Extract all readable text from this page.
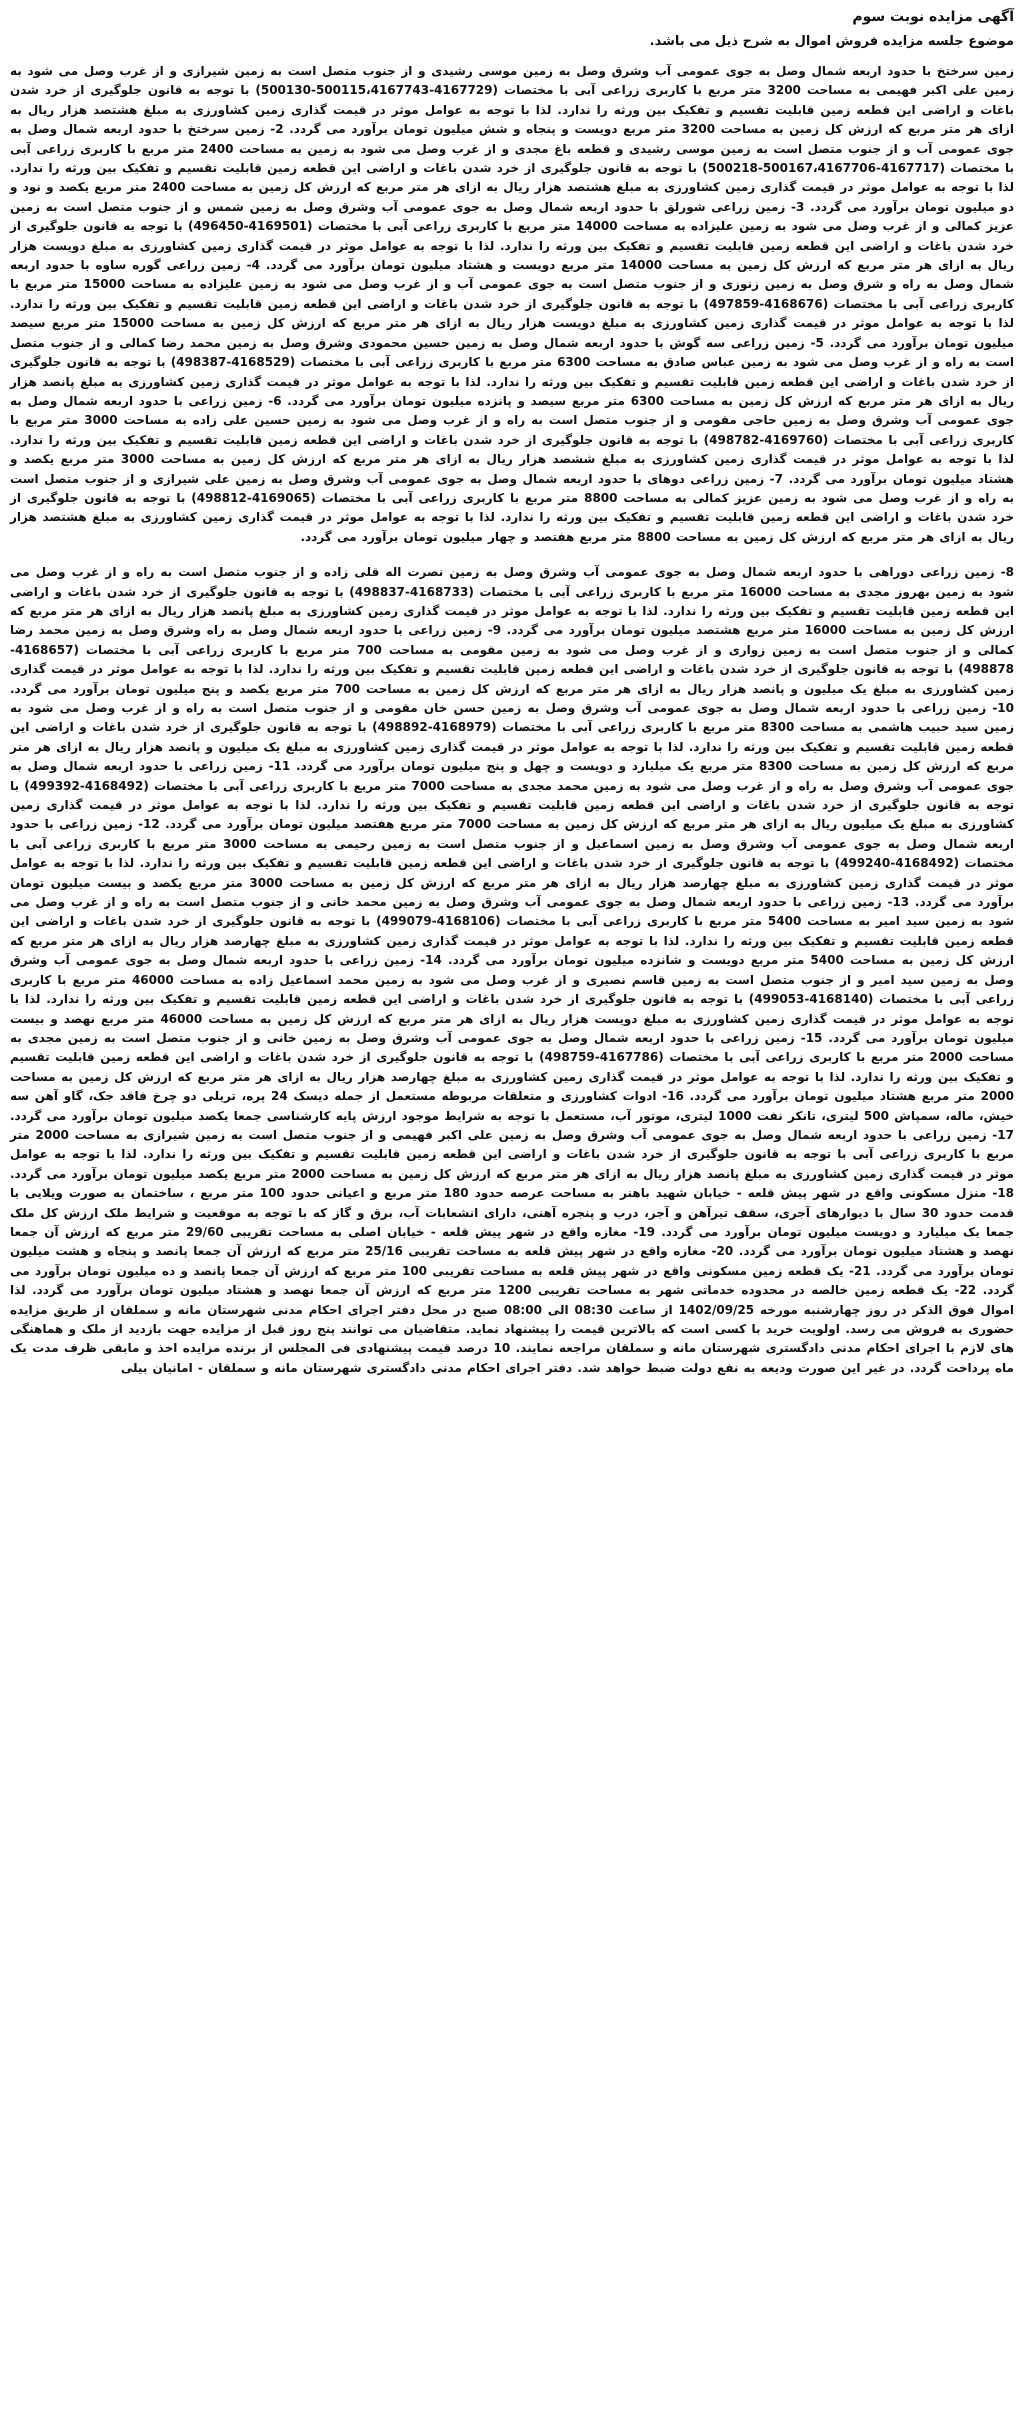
آگهی مزایده نوبت سوم

موضوع جلسه مزایده فروش اموال به شرح ذیل می باشد.

زمین سرختخ با حدود اربعه شمال وصل به جوی عمومی آب وشرق وصل به زمین موسی رشیدی و از جنوب متصل است به زمین شیرازی و از غرب وصل می شود به زمین علی اکبر فهیمی به مساحت 3200 متر مربع با کاربری زراعی آبی با مختصات (4167729-500115،4167743-500130) با توجه به قانون جلوگیری از خرد شدن باغات و اراضی این قطعه زمین قابلیت تقسیم و تفکیک بین ورثه را ندارد. لذا با توجه به عوامل موثر در قیمت گذاری زمین کشاورزی به مبلغ هشتصد هزار ریال به ازای هر متر مربع که ارزش کل زمین به مساحت 3200 متر مربع دویست و پنجاه و شش میلیون تومان برآورد می گردد. 2- زمین سرختخ با حدود اربعه شمال وصل به جوی عمومی آب و از جنوب متصل است به زمین موسی رشیدی و قطعه باغ مجدی و از غرب وصل می شود به زمین به مساحت 2400 متر مربع با کاربری زراعی آبی با مختصات (4167717-500167،4167706-500218) با توجه به قانون جلوگیری از خرد شدن باغات و اراضی این قطعه زمین قابلیت تقسیم و تفکیک بین ورثه را ندارد. لذا با توجه به عوامل موثر در قیمت گذاری زمین کشاورزی به مبلغ هشتصد هزار ریال به ازای هر متر مربع که ارزش کل زمین به مساحت 2400 متر مربع یکصد و نود و دو میلیون تومان برآورد می گردد. 3- زمین زراعی شورلق با حدود اربعه شمال وصل به جوی عمومی آب وشرق وصل به زمین شمس و از جنوب متصل است به زمین عزیز کمالی و از غرب وصل می شود به زمین علیزاده به مساحت 14000 متر مربع با کاربری زراعی آبی با مختصات (4169501-496450) با توجه به قانون جلوگیری از خرد شدن باغات و اراضی این قطعه زمین قابلیت تقسیم و تفکیک بین ورثه را ندارد. لذا با توجه به عوامل موثر در قیمت گذاری زمین کشاورزی به مبلغ دویست هزار ریال به ازای هر متر مربع که ارزش کل زمین به مساحت 14000 متر مربع دویست و هشتاد میلیون تومان برآورد می گردد. 4- زمین زراعی گوره ساوه با حدود اربعه شمال وصل به راه و شرق وصل به زمین زنوزی و از جنوب متصل است به جوی عمومی آب و از غرب وصل می شود به زمین علیزاده به مساحت 15000 متر مربع با کاربری زراعی آبی با مختصات (4168676-497859) با توجه به قانون جلوگیری از خرد شدن باغات و اراضی این قطعه زمین قابلیت تقسیم و تفکیک بین ورثه را ندارد. لذا با توجه به عوامل موثر در قیمت گذاری زمین کشاورزی به مبلغ دویست هزار ریال به ازای هر متر مربع که ارزش کل زمین به مساحت 15000 متر مربع سیصد میلیون تومان برآورد می گردد. 5- زمین زراعی سه گوش با حدود اربعه شمال وصل به زمین حسین محمودی وشرق وصل به زمین محمد رضا کمالی و از جنوب متصل است به راه و از غرب وصل می شود به زمین عباس صادق به مساحت 6300 متر مربع با کاربری زراعی آبی با مختصات (4168529-498387) با توجه به قانون جلوگیری از خرد شدن باغات و اراضی این قطعه زمین قابلیت تقسیم و تفکیک بین ورثه را ندارد. لذا با توجه به عوامل موثر در قیمت گذاری زمین کشاورزی به مبلغ پانصد هزار ریال به ازای هر متر مربع که ارزش کل زمین به مساحت 6300 متر مربع سیصد و پانزده میلیون تومان برآورد می گردد. 6- زمین زراعی با حدود اربعه شمال وصل به جوی عمومی آب وشرق وصل به زمین حاجی مقومی و از جنوب متصل است به راه و از غرب وصل می شود به زمین حسین علی زاده به مساحت 3000 متر مربع با کاربری زراعی آبی با مختصات (4169760-498782) با توجه به قانون جلوگیری از خرد شدن باغات و اراضی این قطعه زمین قابلیت تقسیم و تفکیک بین ورثه را ندارد. لذا با توجه به عوامل موثر در قیمت گذاری زمین کشاورزی به مبلغ ششصد هزار ریال به ازای هر متر مربع که ارزش کل زمین به مساحت 3000 متر مربع یکصد و هشتاد میلیون تومان برآورد می گردد. 7- زمین زراعی دوهای با حدود اربعه شمال وصل به جوی عمومی آب وشرق وصل به زمین علی شیرازی و از جنوب متصل است به راه و از غرب وصل می شود به زمین عزیز کمالی به مساحت 8800 متر مربع با کاربری زراعی آبی با مختصات (4169065-498812) با توجه به قانون جلوگیری از خرد شدن باغات و اراضی این قطعه زمین قابلیت تقسیم و تفکیک بین ورثه را ندارد. لذا با توجه به عوامل موثر در قیمت گذاری زمین کشاورزی به مبلغ هشتصد هزار ریال به ازای هر متر مربع که ارزش کل زمین به مساحت 8800 متر مربع هفتصد و چهار میلیون تومان برآورد می گردد.

8- زمین زراعی دوراهی با حدود اربعه شمال وصل به جوی عمومی آب وشرق وصل به زمین نصرت اله قلی زاده و از جنوب متصل است به راه و از غرب وصل می شود به زمین بهروز مجدی به مساحت 16000 متر مربع با کاربری زراعی آبی با مختصات (4168733-498837) با توجه به قانون جلوگیری از خرد شدن باغات و اراضی این قطعه زمین قابلیت تقسیم و تفکیک بین ورثه را ندارد. لذا با توجه به عوامل موثر در قیمت گذاری زمین کشاورزی به مبلغ پانصد هزار ریال به ازای هر متر مربع که ارزش کل زمین به مساحت 16000 متر مربع هشتصد میلیون تومان برآورد می گردد. 9- زمین زراعی با حدود اربعه شمال وصل به راه وشرق وصل به زمین محمد رضا کمالی و از جنوب متصل است به زمین زواری و از غرب وصل می شود به زمین مقومی به مساحت 700 متر مربع با کاربری زراعی آبی با مختصات (4168657-498878) با توجه به قانون جلوگیری از خرد شدن باغات و اراضی این قطعه زمین قابلیت تقسیم و تفکیک بین ورثه را ندارد. لذا با توجه به عوامل موثر در قیمت گذاری زمین کشاورزی به مبلغ یک میلیون و پانصد هزار ریال به ازای هر متر مربع که ارزش کل زمین به مساحت 700 متر مربع یکصد و پنج میلیون تومان برآورد می گردد. 10- زمین زراعی با حدود اربعه شمال وصل به جوی عمومی آب وشرق وصل به زمین حسن خان مقومی و از جنوب متصل است به راه و از غرب وصل می شود به زمین سید حبیب هاشمی به مساحت 8300 متر مربع با کاربری زراعی آبی با مختصات (4168979-498892) با توجه به قانون جلوگیری از خرد شدن باغات و اراضی این قطعه زمین قابلیت تقسیم و تفکیک بین ورثه را ندارد. لذا با توجه به عوامل موثر در قیمت گذاری زمین کشاورزی به مبلغ یک میلیون و پانصد هزار ریال به ازای هر متر مربع که ارزش کل زمین به مساحت 8300 متر مربع یک میلیارد و دویست و چهل و پنج میلیون تومان برآورد می گردد. 11- زمین زراعی با حدود اربعه شمال وصل به جوی عمومی آب وشرق وصل به راه و از غرب وصل می شود به زمین محمد مجدی به مساحت 7000 متر مربع با کاربری زراعی آبی با مختصات (4168492-499392) با توجه به قانون جلوگیری از خرد شدن باغات و اراضی این قطعه زمین قابلیت تقسیم و تفکیک بین ورثه را ندارد. لذا با توجه به عوامل موثر در قیمت گذاری زمین کشاورزی به مبلغ یک میلیون ریال به ازای هر متر مربع که ارزش کل زمین به مساحت 7000 متر مربع هفتصد میلیون تومان برآورد می گردد. 12- زمین زراعی با حدود اربعه شمال وصل به جوی عمومی آب وشرق وصل به زمین اسماعیل و از جنوب متصل است به زمین رحیمی به مساحت 3000 متر مربع با کاربری زراعی آبی با مختصات (4168492-499240) با توجه به قانون جلوگیری از خرد شدن باغات و اراضی این قطعه زمین قابلیت تقسیم و تفکیک بین ورثه را ندارد. لذا با توجه به عوامل موثر در قیمت گذاری زمین کشاورزی به مبلغ چهارصد هزار ریال به ازای هر متر مربع که ارزش کل زمین به مساحت 3000 متر مربع یکصد و بیست میلیون تومان برآورد می گردد. 13- زمین زراعی با حدود اربعه شمال وصل به جوی عمومی آب وشرق وصل به زمین محمد خانی و از جنوب متصل است به راه و از غرب وصل می شود به زمین سید امیر به مساحت 5400 متر مربع با کاربری زراعی آبی با مختصات (4168106-499079) با توجه به قانون جلوگیری از خرد شدن باغات و اراضی این قطعه زمین قابلیت تقسیم و تفکیک بین ورثه را ندارد. لذا با توجه به عوامل موثر در قیمت گذاری زمین کشاورزی به مبلغ چهارصد هزار ریال به ازای هر متر مربع که ارزش کل زمین به مساحت 5400 متر مربع دویست و شانزده میلیون تومان برآورد می گردد. 14- زمین زراعی با حدود اربعه شمال وصل به جوی عمومی آب وشرق وصل به زمین سید امیر و از جنوب متصل است به زمین قاسم نصیری و از غرب وصل می شود به زمین محمد اسماعیل زاده به مساحت 46000 متر مربع با کاربری زراعی آبی با مختصات (4168140-499053) با توجه به قانون جلوگیری از خرد شدن باغات و اراضی این قطعه زمین قابلیت تقسیم و تفکیک بین ورثه را ندارد. لذا با توجه به عوامل موثر در قیمت گذاری زمین کشاورزی به مبلغ دویست هزار ریال به ازای هر متر مربع که ارزش کل زمین به مساحت 46000 متر مربع نهصد و بیست میلیون تومان برآورد می گردد. 15- زمین زراعی با حدود اربعه شمال وصل به جوی عمومی آب وشرق وصل به زمین خانی و از جنوب متصل است به زمین مجدی به مساحت 2000 متر مربع با کاربری زراعی آبی با مختصات (4167786-498759) با توجه به قانون جلوگیری از خرد شدن باغات و اراضی این قطعه زمین قابلیت تقسیم و تفکیک بین ورثه را ندارد. لذا با توجه به عوامل موثر در قیمت گذاری زمین کشاورزی به مبلغ چهارصد هزار ریال به ازای هر متر مربع که ارزش کل زمین به مساحت 2000 متر مربع هشتاد میلیون تومان برآورد می گردد. 16- ادوات کشاورزی و متعلقات مربوطه مستعمل از جمله دیسک 24 پره، تریلی دو چرخ فاقد جک، گاو آهن سه خیش، ماله، سمپاش 500 لیتری، تانکر نفت 1000 لیتری، موتور آب، مستعمل با توجه به شرایط موجود ارزش پایه کارشناسی جمعا یکصد میلیون تومان برآورد می گردد. 17- زمین زراعی با حدود اربعه شمال وصل به جوی عمومی آب وشرق وصل به زمین علی اکبر فهیمی و از جنوب متصل است به زمین شیرازی به مساحت 2000 متر مربع با کاربری زراعی آبی با توجه به قانون جلوگیری از خرد شدن باغات و اراضی این قطعه زمین قابلیت تقسیم و تفکیک بین ورثه را ندارد. لذا با توجه به عوامل موثر در قیمت گذاری زمین کشاورزی به مبلغ پانصد هزار ریال به ازای هر متر مربع که ارزش کل زمین به مساحت 2000 متر مربع یکصد میلیون تومان برآورد می گردد. 18- منزل مسکونی واقع در شهر پیش قلعه - خیابان شهید باهنر به مساحت عرصه حدود 180 متر مربع و اعیانی حدود 100 متر مربع ، ساختمان به صورت ویلایی با قدمت حدود 30 سال با دیوارهای آجری، سقف تیرآهن و آجر، درب و پنجره آهنی، دارای انشعابات آب، برق و گاز که با توجه به موقعیت و شرایط ملک ارزش کل ملک جمعا یک میلیارد و دویست میلیون تومان برآورد می گردد. 19- مغازه واقع در شهر پیش قلعه - خیابان اصلی به مساحت تقریبی 29/60 متر مربع که ارزش آن جمعا نهصد و هشتاد میلیون تومان برآورد می گردد. 20- مغازه واقع در شهر پیش قلعه به مساحت تقریبی 25/16 متر مربع که ارزش آن جمعا پانصد و پنجاه و هشت میلیون تومان برآورد می گردد. 21- یک قطعه زمین مسکونی واقع در شهر پیش قلعه به مساحت تقریبی 100 متر مربع که ارزش آن جمعا پانصد و ده میلیون تومان برآورد می گردد. 22- یک قطعه زمین خالصه در محدوده خدماتی شهر به مساحت تقریبی 1200 متر مربع که ارزش آن جمعا نهصد و هشتاد میلیون تومان برآورد می گردد. لذا اموال فوق الذکر در روز چهارشنبه مورخه 1402/09/25 از ساعت 08:30 الی 08:00 صبح در محل دفتر اجرای احکام مدنی شهرستان مانه و سملقان از طریق مزایده حضوری به فروش می رسد. اولویت خرید با کسی است که بالاترین قیمت را پیشنهاد نماید. متقاضیان می توانند پنج روز قبل از مزایده جهت بازدید از ملک و هماهنگی های لازم با اجرای احکام مدنی دادگستری شهرستان مانه و سملقان مراجعه نمایند. 10 درصد قیمت پیشنهادی فی المجلس از برنده مزایده اخذ و مابقی ظرف مدت یک ماه پرداخت گردد. در غیر این صورت ودیعه به نفع دولت ضبط خواهد شد. دفتر اجرای احکام مدنی دادگستری شهرستان مانه و سملقان - امانیان بیلی
